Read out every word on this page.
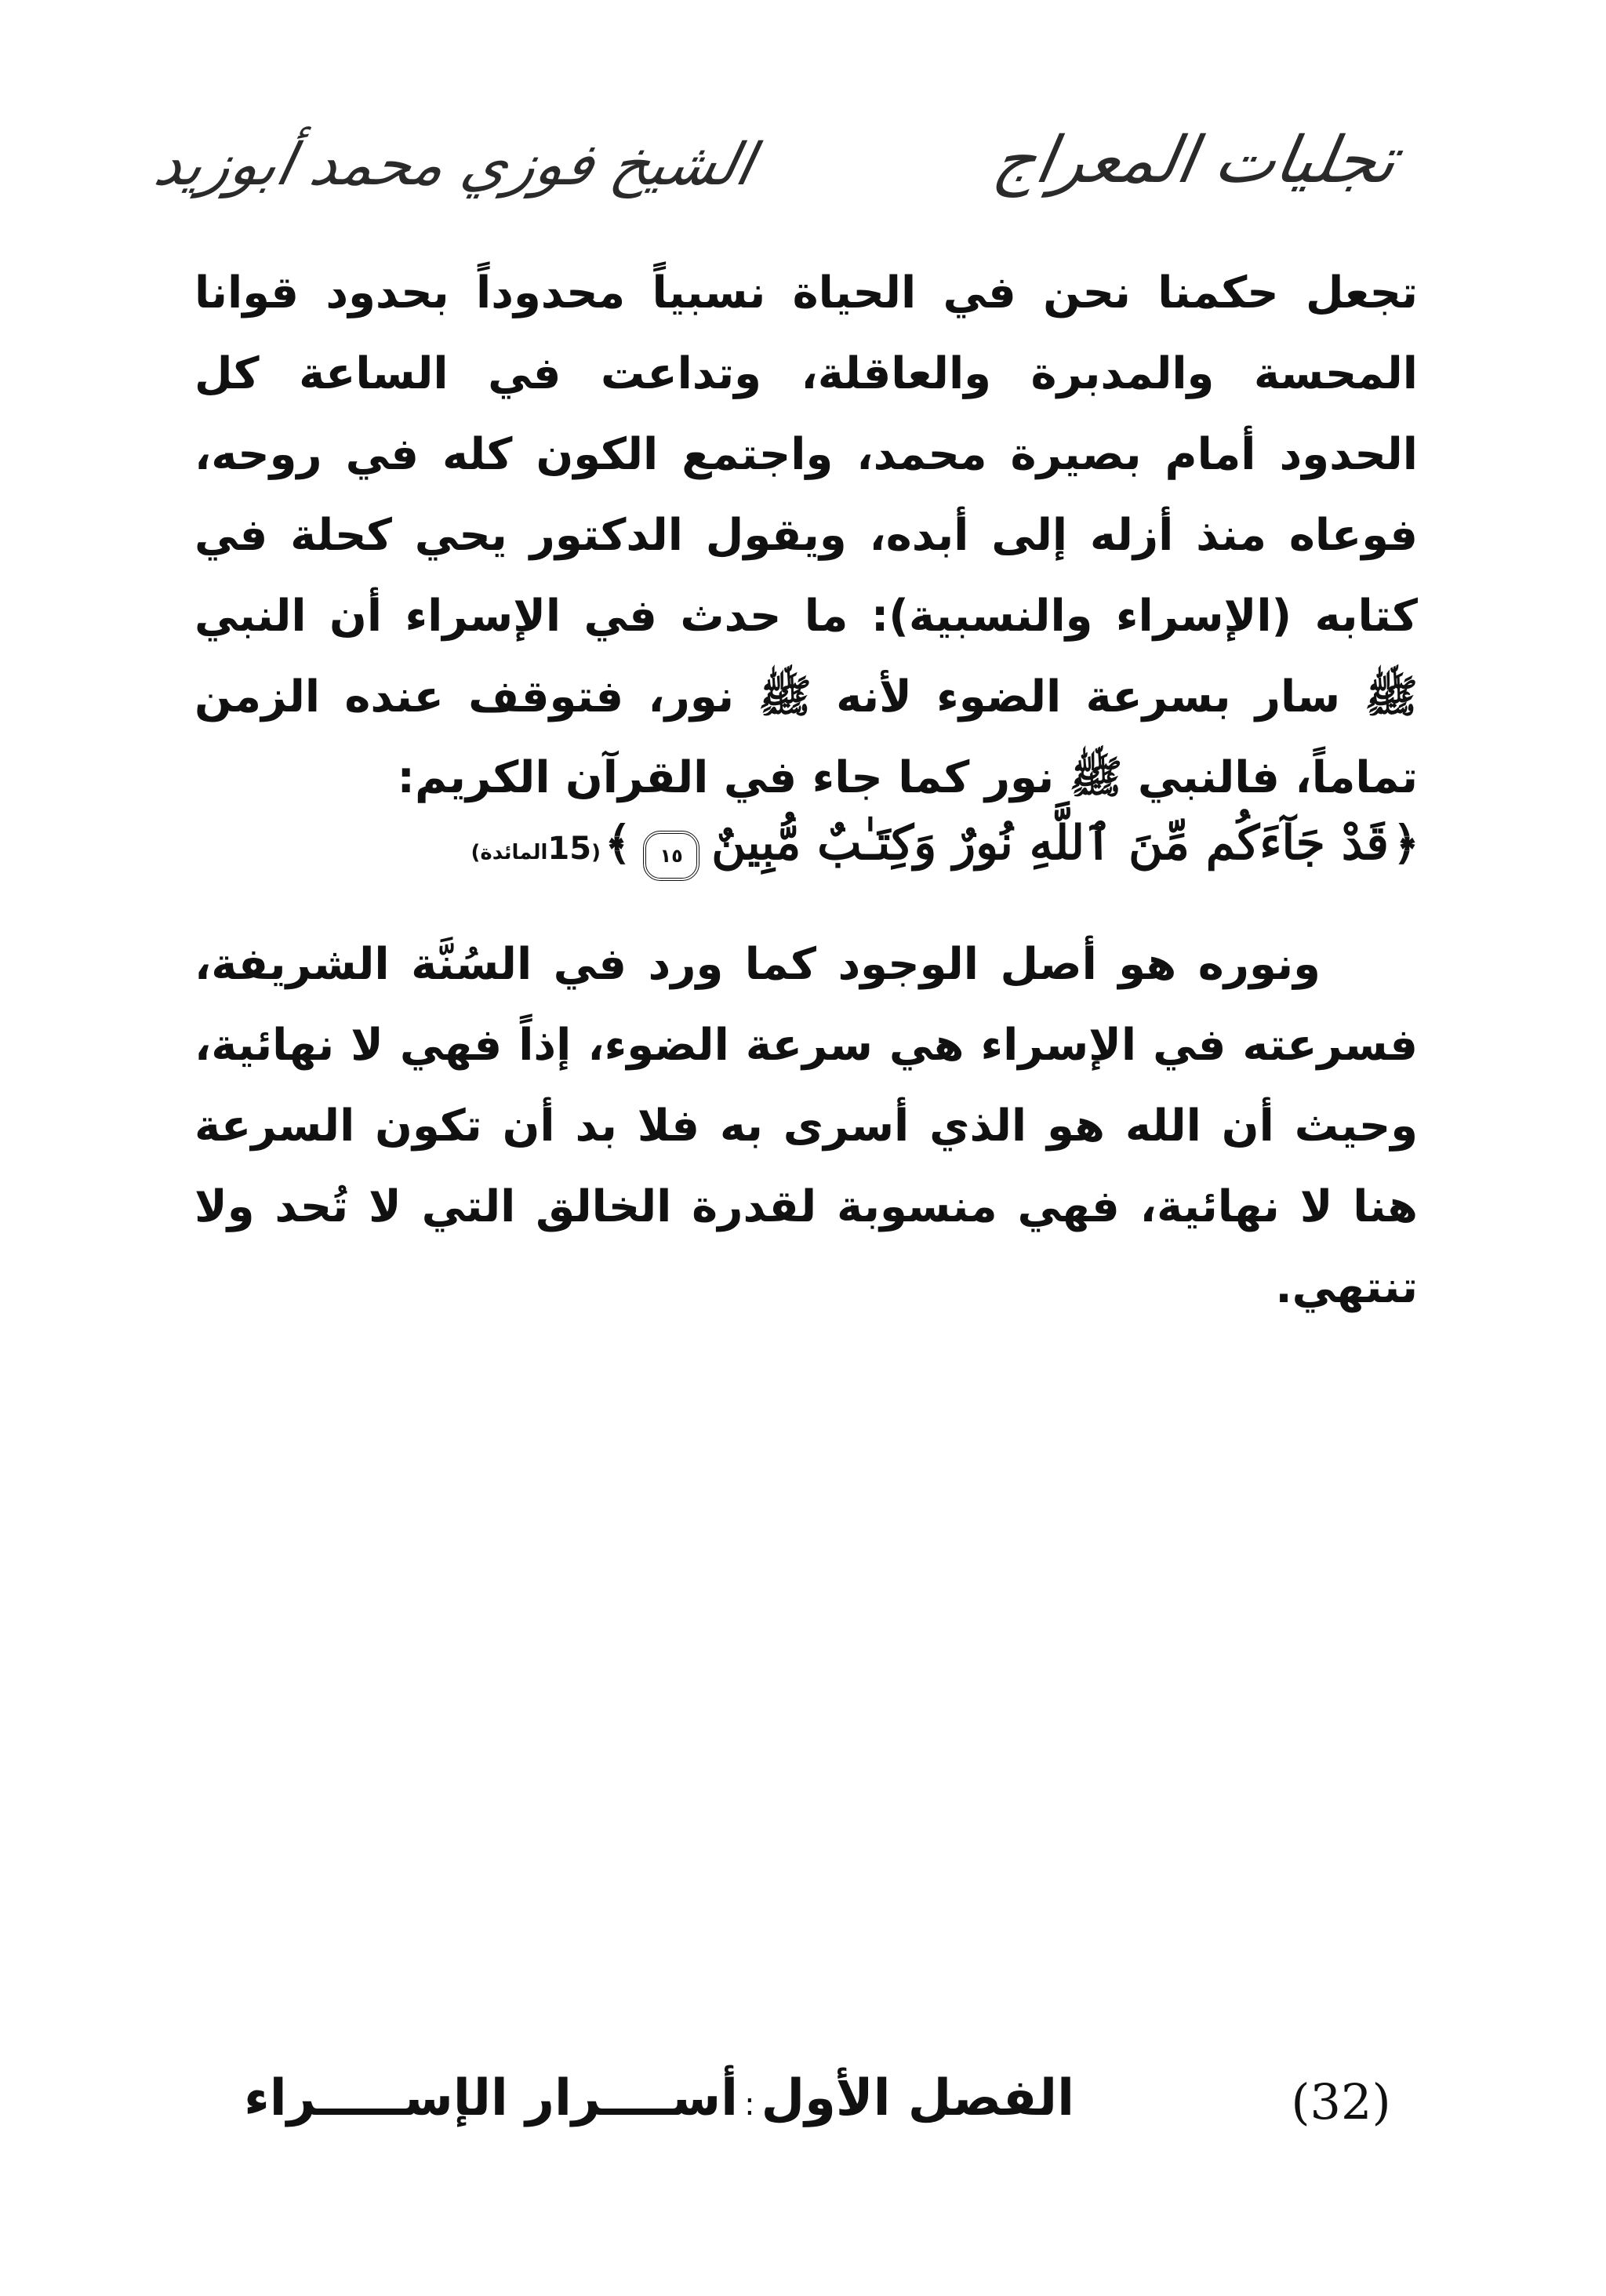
الشيخ فوزي محمد أبوزيد	تجليات المعراج

تجعل حكمنا نحن في الحياة نسبياً محدوداً بحدود قوانا المحسة والمدبرة والعاقلة، وتداعت في الساعة كل الحدود أمام بصيرة محمد، واجتمع الكون كله في روحه، فوعاه منذ أزله إلى أبده، ويقول الدكتور يحي كحلة في كتابه (الإسراء والنسبية): ما حدث في الإسراء أن النبي ﷺ سار بسرعة الضوء لأنه ﷺ نور، فتوقف عنده الزمن تماماً، فالنبي ﷺ نور كما جاء في القرآن الكريم:

﴿ قَدْ جَآءَكُم مِّنَ ٱللَّهِ نُورٌ وَكِتَـٰبٌ مُّبِينٌ ١٥ ﴾ (15المائدة)

ونوره هو أصل الوجود كما ورد في السُنَّة الشريفة، فسرعته في الإسراء هي سرعة الضوء، إذاً فهي لا نهائية، وحيث أن الله هو الذي أسرى به فلا بد أن تكون السرعة هنا لا نهائية، فهي منسوبة لقدرة الخالق التي لا تُحد ولا تنتهي.

الفصل الأول:أســــرار الإســـــراء	(32)
